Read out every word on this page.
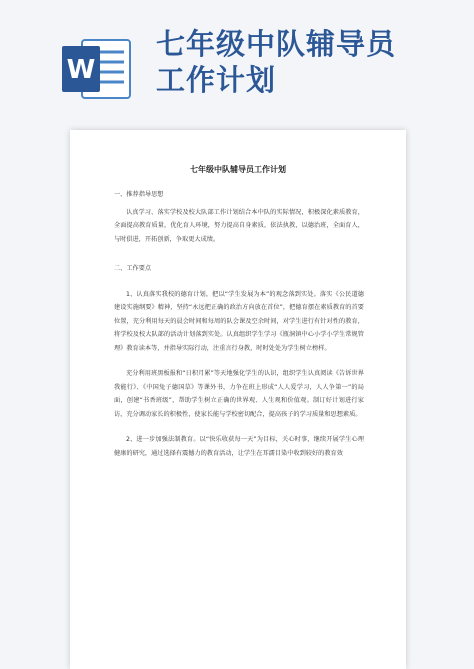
W
七年级中队辅导员
工作计划
七年级中队辅导员工作计划

一、推荐指导思想

认真学习、落实学校及校大队部工作计划结合本中队的实际情况，积极深化素质教育，全面提高教育质量，优化育人环境，努力提高自身素质，依法执教，以德治班，全面育人，与时俱进，开拓创新，争取更大成绩。

二、工作要点

1、认真落实我校的德育计划，把以“学生发展为本”的观念落到实处。落实《公民道德建设实施纲要》精神，坚持“永远把正确的政治方向放在首位”，把德育摆在素质教育的首要位置，充分利用每天的晨会时间和每周的队会课及空余时间，对学生进行有针对性的教育，将学校及校大队部的活动计划落到实处。认真组织学生学习《瓶洞镇中心小学小学生常规管理》教育读本等，并指导实际行动，注重言行身教，时时处处为学生树立榜样。

充分利用班黑板报和“日积月累”等天地强化学生的认识，组织学生认真阅读《告诉世界我能行》、《中国兔子德国草》等课外书，力争在班上形成“人人爱学习，人人争第一”的局面，创建“书香班级”，帮助学生树立正确的世界观、人生观和价值观。制订好计划进行家访，充分调动家长的积极性，使家长能与学校密切配合，提高孩子的学习质量和思想素质。

2、进一步加强法制教育。以“快乐收获每一天”为目标，关心时事，继续开展学生心理健康的研究，通过选择有震撼力的教育活动，让学生在耳濡目染中收到较好的教育效
